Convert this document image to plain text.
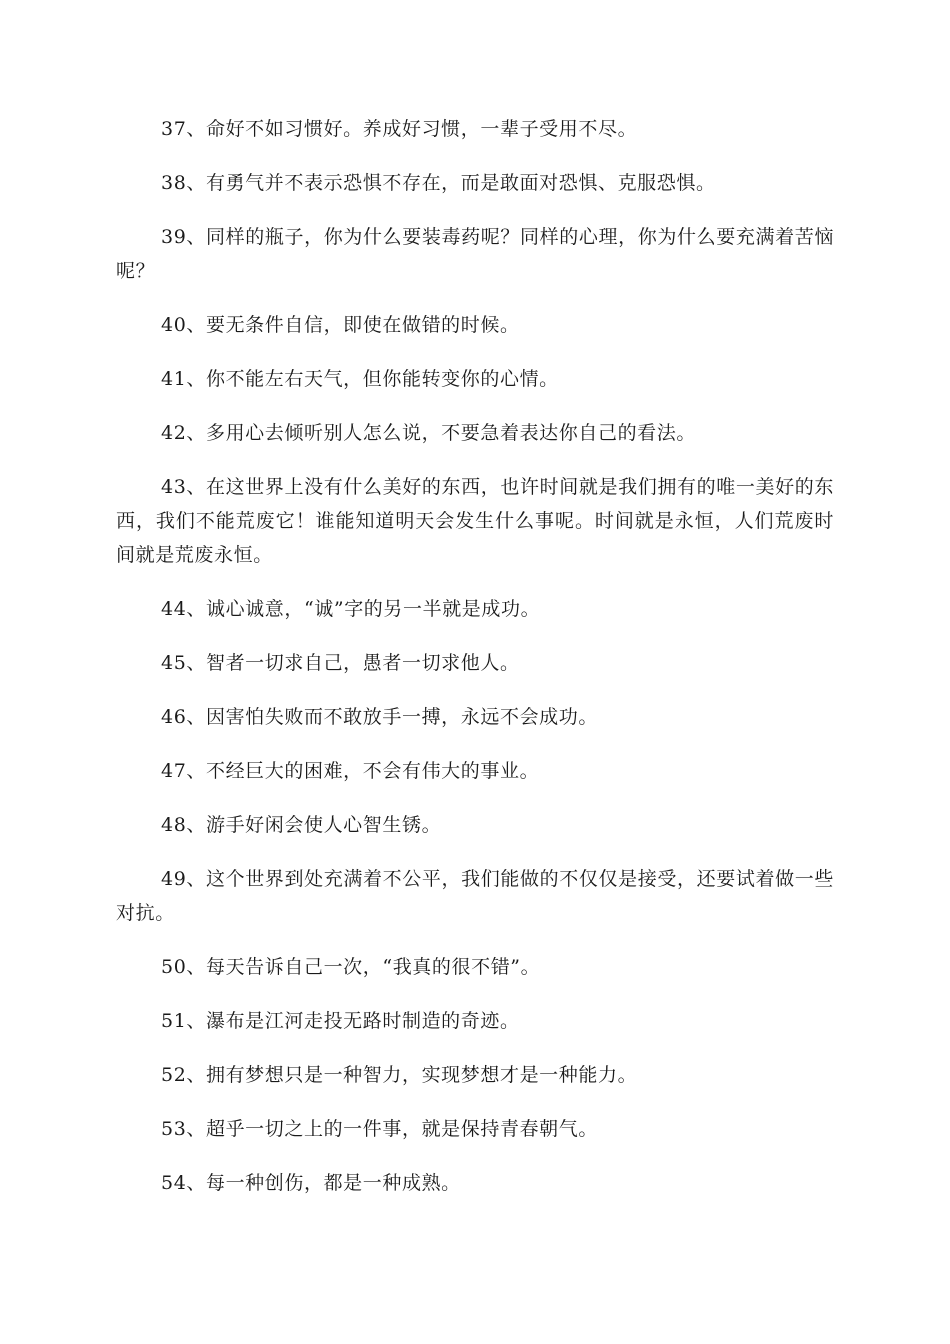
37、命好不如习惯好。养成好习惯，一辈子受用不尽。

38、有勇气并不表示恐惧不存在，而是敢面对恐惧、克服恐惧。

39、同样的瓶子，你为什么要装毒药呢？同样的心理，你为什么要充满着苦恼呢？

40、要无条件自信，即使在做错的时候。

41、你不能左右天气，但你能转变你的心情。

42、多用心去倾听别人怎么说，不要急着表达你自己的看法。

43、在这世界上没有什么美好的东西，也许时间就是我们拥有的唯一美好的东西，我们不能荒废它！谁能知道明天会发生什么事呢。时间就是永恒，人们荒废时间就是荒废永恒。

44、诚心诚意，“诚”字的另一半就是成功。

45、智者一切求自己，愚者一切求他人。

46、因害怕失败而不敢放手一搏，永远不会成功。

47、不经巨大的困难，不会有伟大的事业。

48、游手好闲会使人心智生锈。

49、这个世界到处充满着不公平，我们能做的不仅仅是接受，还要试着做一些对抗。

50、每天告诉自己一次，“我真的很不错”。

51、瀑布是江河走投无路时制造的奇迹。

52、拥有梦想只是一种智力，实现梦想才是一种能力。

53、超乎一切之上的一件事，就是保持青春朝气。

54、每一种创伤，都是一种成熟。
